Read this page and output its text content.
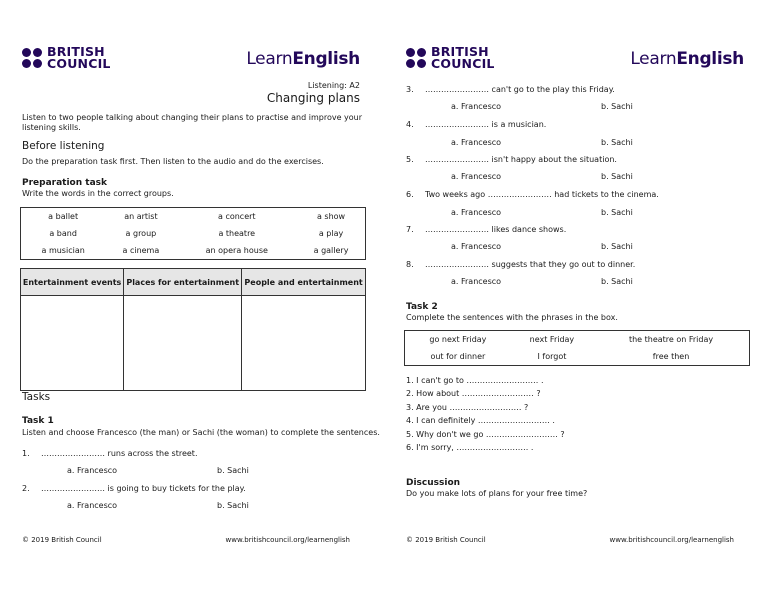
BRITISH
COUNCIL	LearnEnglish
Listening: A2
Changing plans
Listen to two people talking about changing their plans to practise and improve your listening skills.
Before listening
Do the preparation task first. Then listen to the audio and do the exercises.
Preparation task
Write the words in the correct groups.
a ballet	an artist	a concert	a show
a band	a group	a theatre	a play
a musician	a cinema	an opera house	a gallery
Entertainment events	Places for entertainment	People and entertainment

Tasks
Task 1
Listen and choose Francesco (the man) or Sachi (the woman) to complete the sentences.
1. …………………… runs across the street.
a. Francesco	b. Sachi
2. …………………… is going to buy tickets for the play.
a. Francesco	b. Sachi
© 2019 British Council	www.britishcouncil.org/learnenglish
BRITISH
COUNCIL	LearnEnglish
3. …………………… can't go to the play this Friday.
a. Francesco	b. Sachi
4. …………………… is a musician.
a. Francesco	b. Sachi
5. …………………… isn't happy about the situation.
a. Francesco	b. Sachi
6. Two weeks ago …………………… had tickets to the cinema.
a. Francesco	b. Sachi
7. …………………… likes dance shows.
a. Francesco	b. Sachi
8. …………………… suggests that they go out to dinner.
a. Francesco	b. Sachi
Task 2
Complete the sentences with the phrases in the box.
go next Friday	next Friday	the theatre on Friday
out for dinner	I forgot	free then
1. I can't go to ……………………… .
2. How about ……………………… ?
3. Are you ……………………… ?
4. I can definitely ……………………… .
5. Why don't we go ……………………… ?
6. I'm sorry, ……………………… .
Discussion
Do you make lots of plans for your free time?
© 2019 British Council	www.britishcouncil.org/learnenglish
